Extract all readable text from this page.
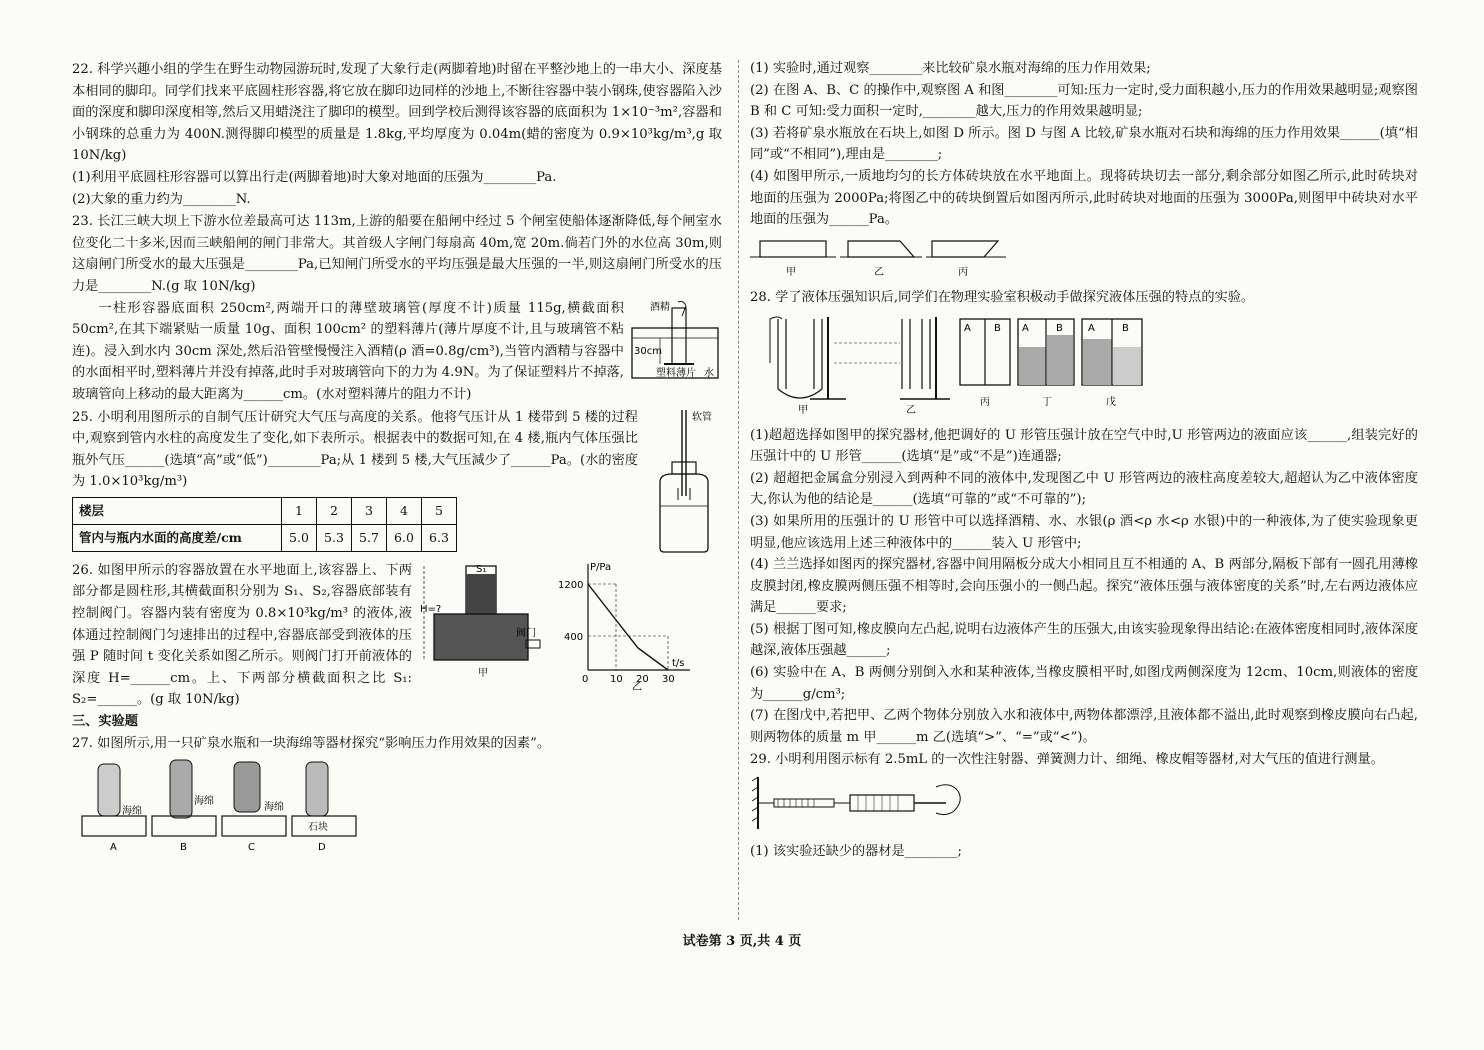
22. 科学兴趣小组的学生在野生动物园游玩时,发现了大象行走(两脚着地)时留在平整沙地上的一串大小、深度基本相同的脚印。同学们找来平底圆柱形容器,将它放在脚印边同样的沙地上,不断往容器中装小钢珠,使容器陷入沙面的深度和脚印深度相等,然后又用蜡浇注了脚印的模型。回到学校后测得该容器的底面积为 1×10⁻³m²,容器和小钢珠的总重力为 400N.测得脚印模型的质量是 1.8kg,平均厚度为 0.04m(蜡的密度为 0.9×10³kg/m³,g 取 10N/kg)

(1)利用平底圆柱形容器可以算出行走(两脚着地)时大象对地面的压强为________Pa.

(2)大象的重力约为________N.

23. 长江三峡大坝上下游水位差最高可达 113m,上游的船要在船闸中经过 5 个闸室使船体逐渐降低,每个闸室水位变化二十多米,因而三峡船闸的闸门非常大。其首级人字闸门每扇高 40m,宽 20m.倘若门外的水位高 30m,则这扇闸门所受水的最大压强是________Pa,已知闸门所受水的平均压强是最大压强的一半,则这扇闸门所受水的压力是________N.(g 取 10N/kg)

一柱形容器底面积 250cm²,两端开口的薄壁玻璃管(厚度不计)质量 115g,横截面积 50cm²,在其下端紧贴一质量 10g、面积 100cm² 的塑料薄片(薄片厚度不计,且与玻璃管不粘连)。浸入到水内 30cm 深处,然后沿管壁慢慢注入酒精(ρ 酒=0.8g/cm³),当管内酒精与容器中的水面相平时,塑料薄片并没有掉落,此时手对玻璃管向下的力为 4.9N。为了保证塑料片不掉落,玻璃管向上移动的最大距离为______cm。(水对塑料薄片的阻力不计)

酒精
30cm
塑料薄片 水

25. 小明利用图所示的自制气压计研究大气压与高度的关系。他将气压计从 1 楼带到 5 楼的过程中,观察到管内水柱的高度发生了变化,如下表所示。根据表中的数据可知,在 4 楼,瓶内气体压强比瓶外气压______(选填“高”或“低”)________Pa;从 1 楼到 5 楼,大气压減少了______Pa。(水的密度为 1.0×10³kg/m³)

楼层	1	2	3	4	5
管内与瓶内水面的高度差/cm	5.0	5.3	5.7	6.0	6.3
软管

26. 如图甲所示的容器放置在水平地面上,该容器上、下两部分都是圆柱形,其横截面积分别为 S₁、S₂,容器底部装有控制阀门。容器内装有密度为 0.8×10³kg/m³ 的液体,液体通过控制阀门匀速排出的过程中,容器底部受到液体的压强 P 随时间 t 变化关系如图乙所示。则阀门打开前液体的深度 H=______cm。上、下两部分横截面积之比 S₁: S₂=______。(g 取 10N/kg)

S₁
H=?
阀门
甲
P/Pa
t/s
1200
400
0 10 20 30
乙

三、实验题

27. 如图所示,用一只矿泉水瓶和一块海绵等器材探究“影响压力作用效果的因素”。

海绵
A
海绵
B
海绵
C
石块
D

(1) 实验时,通过观察________来比较矿泉水瓶对海绵的压力作用效果;

(2) 在图 A、B、C 的操作中,观察图 A 和图________可知:压力一定时,受力面积越小,压力的作用效果越明显;观察图 B 和 C 可知:受力面积一定时,________越大,压力的作用效果越明显;

(3) 若将矿泉水瓶放在石块上,如图 D 所示。图 D 与图 A 比较,矿泉水瓶对石块和海绵的压力作用效果______(填“相同”或“不相同”),理由是________;

(4) 如图甲所示,一质地均匀的长方体砖块放在水平地面上。现将砖块切去一部分,剩余部分如图乙所示,此时砖块对地面的压强为 2000Pa;将图乙中的砖块倒置后如图丙所示,此时砖块对地面的压强为 3000Pa,则图甲中砖块对水平地面的压强为______Pa。

甲	乙	丙

28. 学了液体压强知识后,同学们在物理实验室积极动手做探究液体压强的特点的实验。

甲	乙
A B
丙
A	B
丁
A	B
戊

(1)超超选择如图甲的探究器材,他把调好的 U 形管压强计放在空气中时,U 形管两边的液面应该______,组装完好的压强计中的 U 形管______(选填“是”或“不是”)连通器;

(2) 超超把金属盒分别浸入到两种不同的液体中,发现图乙中 U 形管两边的液柱高度差较大,超超认为乙中液体密度大,你认为他的结论是______(选填“可靠的”或“不可靠的”);

(3) 如果所用的压强计的 U 形管中可以选择酒精、水、水银(ρ 酒<ρ 水<ρ 水银)中的一种液体,为了使实验现象更明显,他应该选用上述三种液体中的______装入 U 形管中;

(4) 兰兰选择如图丙的探究器材,容器中间用隔板分成大小相同且互不相通的 A、B 两部分,隔板下部有一圆孔用薄橡皮膜封闭,橡皮膜两侧压强不相等时,会向压强小的一侧凸起。探究“液体压强与液体密度的关系”时,左右两边液体应满足______要求;

(5) 根据丁图可知,橡皮膜向左凸起,说明右边液体产生的压强大,由该实验现象得出结论:在液体密度相同时,液体深度越深,液体压强越______;

(6) 实验中在 A、B 两侧分别倒入水和某种液体,当橡皮膜相平时,如图戊两侧深度为 12cm、10cm,则液体的密度为______g/cm³;

(7) 在图戊中,若把甲、乙两个物体分别放入水和液体中,两物体都漂浮,且液体都不溢出,此时观察到橡皮膜向右凸起,则两物体的质量 m 甲______m 乙(选填“>”、“=”或“<”)。

29. 小明利用图示标有 2.5mL 的一次性注射器、弹簧测力计、细绳、橡皮帽等器材,对大气压的值进行测量。

(1) 该实验还缺少的器材是________;

试卷第 3 页,共 4 页
